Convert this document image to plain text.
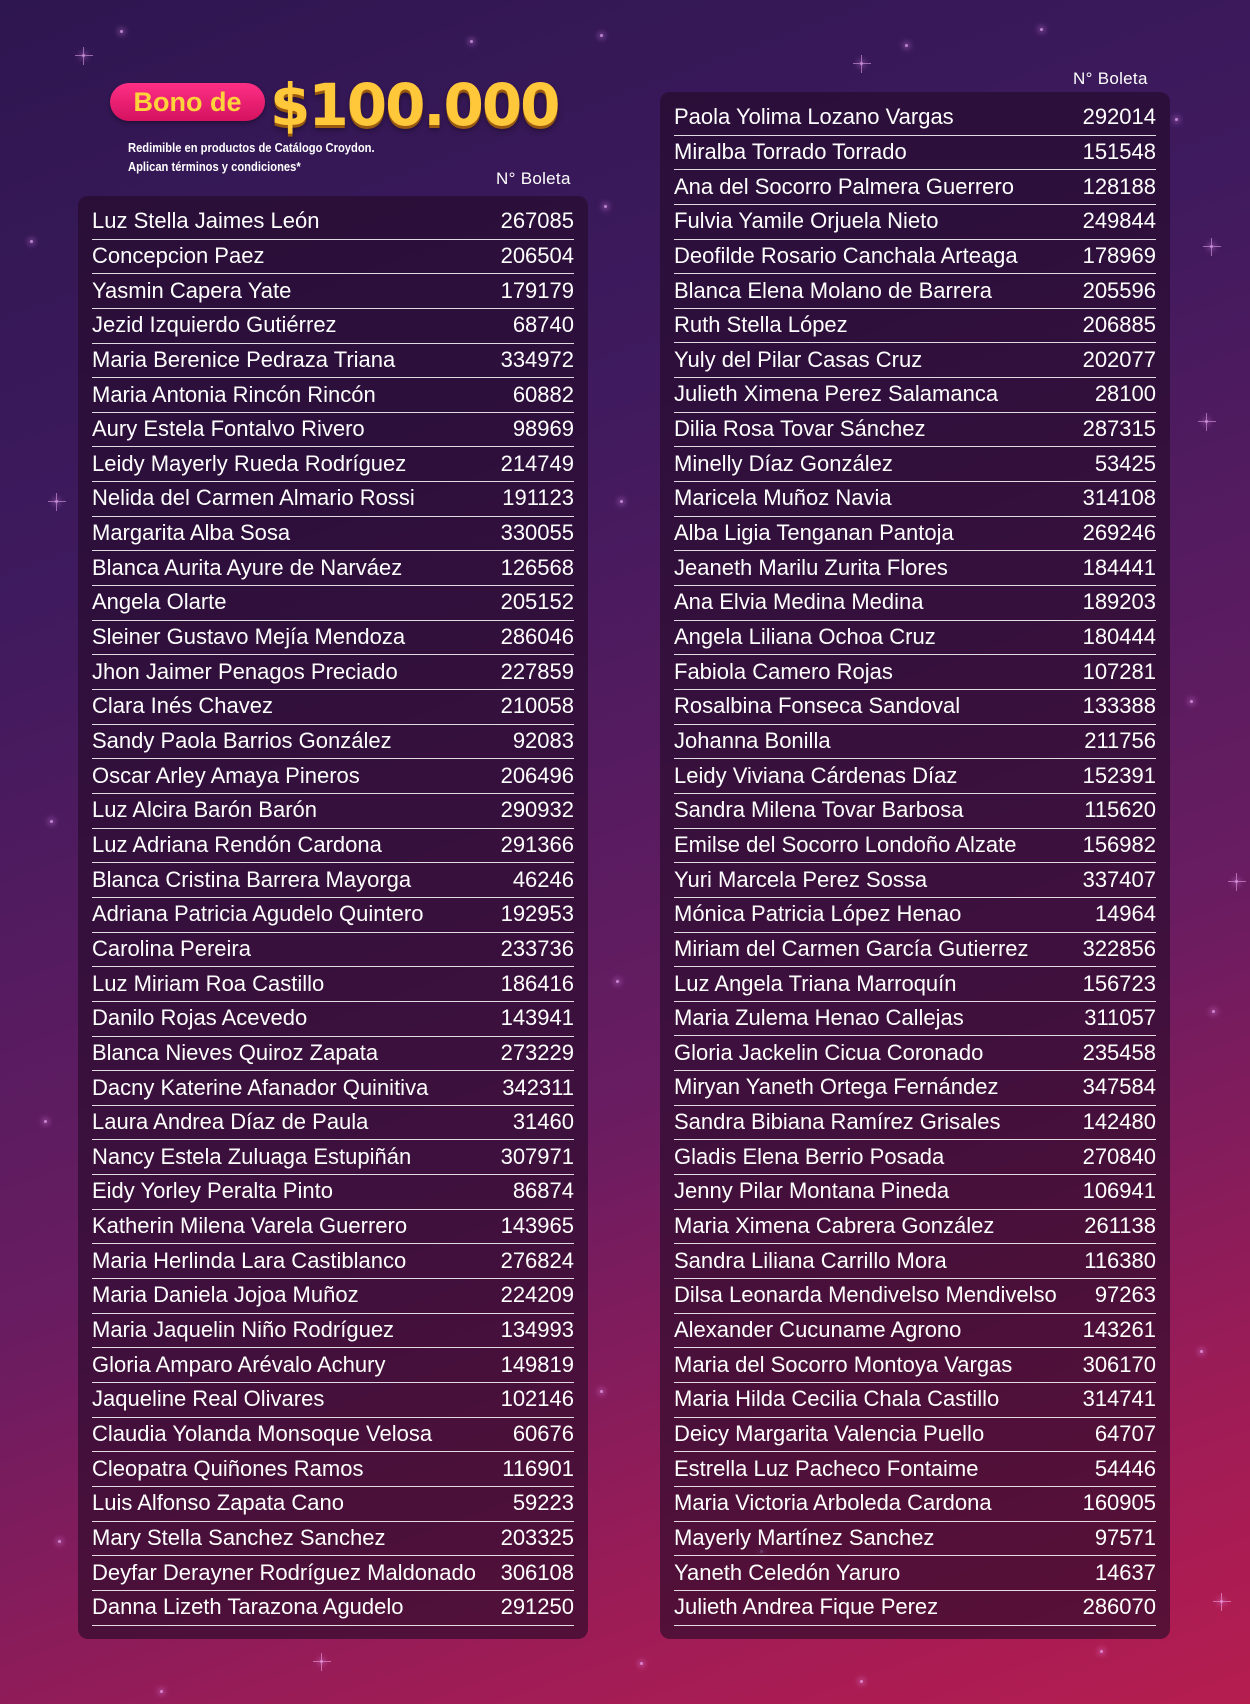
Bono de $100.000
Redimible en productos de Catálogo Croydon.
Aplican términos y condiciones*
N° Boleta
N° Boleta
Luz Stella Jaimes León	267085
Concepcion Paez	206504
Yasmin Capera Yate	179179
Jezid Izquierdo Gutiérrez	68740
Maria Berenice Pedraza Triana	334972
Maria Antonia Rincón Rincón	60882
Aury Estela Fontalvo Rivero	98969
Leidy Mayerly Rueda Rodríguez	214749
Nelida del Carmen Almario Rossi	191123
Margarita Alba Sosa	330055
Blanca Aurita Ayure de Narváez	126568
Angela Olarte	205152
Sleiner Gustavo Mejía Mendoza	286046
Jhon Jaimer Penagos Preciado	227859
Clara Inés Chavez	210058
Sandy Paola Barrios González	92083
Oscar Arley Amaya Pineros	206496
Luz Alcira Barón Barón	290932
Luz Adriana Rendón Cardona	291366
Blanca Cristina Barrera Mayorga	46246
Adriana Patricia Agudelo Quintero	192953
Carolina Pereira	233736
Luz Miriam Roa Castillo	186416
Danilo Rojas Acevedo	143941
Blanca Nieves Quiroz Zapata	273229
Dacny Katerine Afanador Quinitiva	342311
Laura Andrea Díaz de Paula	31460
Nancy Estela Zuluaga Estupiñán	307971
Eidy Yorley Peralta Pinto	86874
Katherin Milena Varela Guerrero	143965
Maria Herlinda Lara Castiblanco	276824
Maria Daniela Jojoa Muñoz	224209
Maria Jaquelin Niño Rodríguez	134993
Gloria Amparo Arévalo Achury	149819
Jaqueline Real Olivares	102146
Claudia Yolanda Monsoque Velosa	60676
Cleopatra Quiñones Ramos	116901
Luis Alfonso Zapata Cano	59223
Mary Stella Sanchez Sanchez	203325
Deyfar Derayner Rodríguez Maldonado 306108
Danna Lizeth Tarazona Agudelo	291250
Paola Yolima Lozano Vargas	292014
Miralba Torrado Torrado	151548
Ana del Socorro Palmera Guerrero	128188
Fulvia Yamile Orjuela Nieto	249844
Deofilde Rosario Canchala Arteaga	178969
Blanca Elena Molano de Barrera	205596
Ruth Stella López	206885
Yuly del Pilar Casas Cruz	202077
Julieth Ximena Perez Salamanca	28100
Dilia Rosa Tovar Sánchez	287315
Minelly Díaz González	53425
Maricela Muñoz Navia	314108
Alba Ligia Tenganan Pantoja	269246
Jeaneth Marilu Zurita Flores	184441
Ana Elvia Medina Medina	189203
Angela Liliana Ochoa Cruz	180444
Fabiola Camero Rojas	107281
Rosalbina Fonseca Sandoval	133388
Johanna Bonilla	211756
Leidy Viviana Cárdenas Díaz	152391
Sandra Milena Tovar Barbosa	115620
Emilse del Socorro Londoño Alzate	156982
Yuri Marcela Perez Sossa	337407
Mónica Patricia López Henao	14964
Miriam del Carmen García Gutierrez 322856
Luz Angela Triana Marroquín	156723
Maria Zulema Henao Callejas	311057
Gloria Jackelin Cicua Coronado	235458
Miryan Yaneth Ortega Fernández	347584
Sandra Bibiana Ramírez Grisales	142480
Gladis Elena Berrio Posada	270840
Jenny Pilar Montana Pineda	106941
Maria Ximena Cabrera González	261138
Sandra Liliana Carrillo Mora	116380
Dilsa Leonarda Mendivelso Mendivelso 97263
Alexander Cucuname Agrono	143261
Maria del Socorro Montoya Vargas	306170
Maria Hilda Cecilia Chala Castillo	314741
Deicy Margarita Valencia Puello	64707
Estrella Luz Pacheco Fontaime	54446
Maria Victoria Arboleda Cardona	160905
Mayerly Martínez Sanchez	97571
Yaneth Celedón Yaruro	14637
Julieth Andrea Fique Perez	286070
